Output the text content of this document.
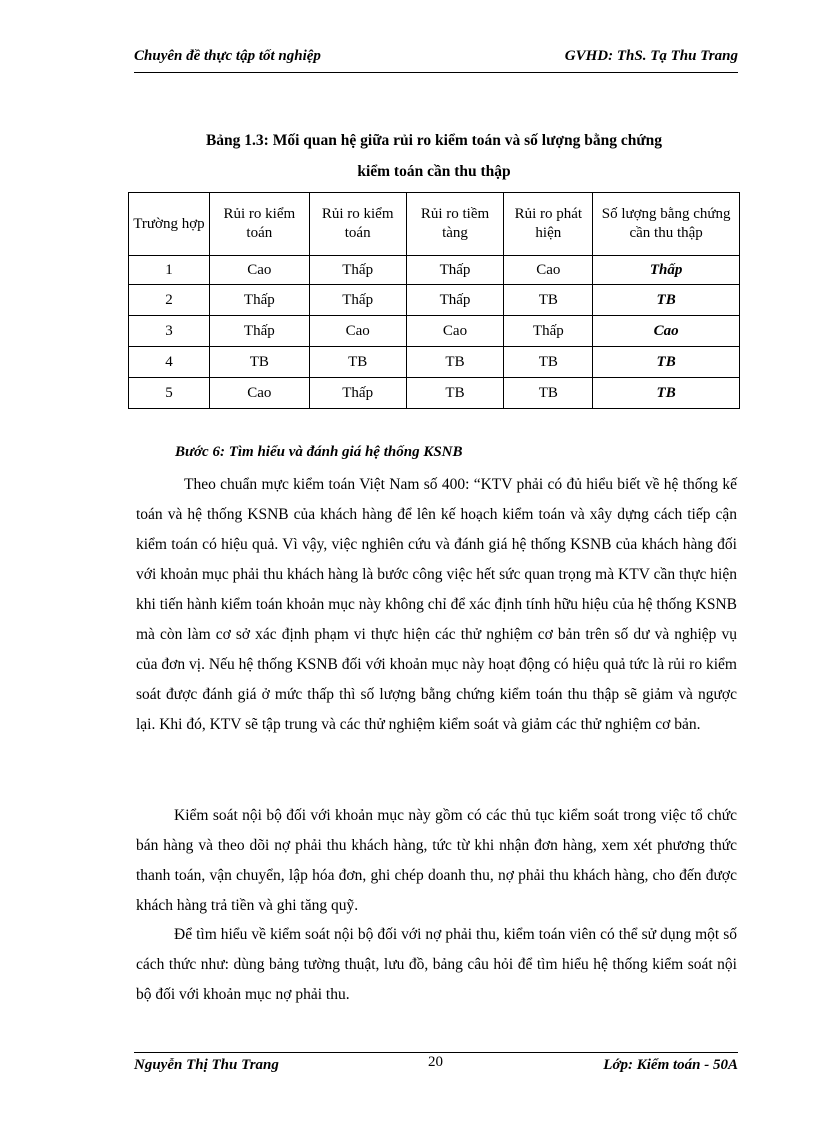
Chuyên đề thực tập tốt nghiệp	GVHD: ThS. Tạ Thu Trang
Bảng 1.3: Mối quan hệ giữa rủi ro kiểm toán và số lượng bằng chứng
kiểm toán cần thu thập
Trường hợp	Rủi ro kiểm toán	Rủi ro kiểm toán	Rủi ro tiềm tàng	Rủi ro phát hiện	Số lượng bằng chứng cần thu thập
1	Cao	Thấp	Thấp	Cao	Thấp
2	Thấp	Thấp	Thấp	TB	TB
3	Thấp	Cao	Cao	Thấp	Cao
4	TB	TB	TB	TB	TB
5	Cao	Thấp	TB	TB	TB
Bước 6: Tìm hiểu và đánh giá hệ thống KSNB

Theo chuẩn mực kiểm toán Việt Nam số 400: “KTV phải có đủ hiểu biết về hệ thống kế toán và hệ thống KSNB của khách hàng để lên kế hoạch kiểm toán và xây dựng cách tiếp cận kiểm toán có hiệu quả. Vì vậy, việc nghiên cứu và đánh giá hệ thống KSNB của khách hàng đối với khoản mục phải thu khách hàng là bước công việc hết sức quan trọng mà KTV cần thực hiện khi tiến hành kiểm toán khoản mục này không chỉ để xác định tính hữu hiệu của hệ thống KSNB mà còn làm cơ sở xác định phạm vi thực hiện các thử nghiệm cơ bản trên số dư và nghiệp vụ của đơn vị. Nếu hệ thống KSNB đối với khoản mục này hoạt động có hiệu quả tức là rủi ro kiểm soát được đánh giá ở mức thấp thì số lượng bằng chứng kiểm toán thu thập sẽ giảm và ngược lại. Khi đó, KTV sẽ tập trung và các thử nghiệm kiểm soát và giảm các thử nghiệm cơ bản.

Kiểm soát nội bộ đối với khoản mục này gồm có các thủ tục kiểm soát trong việc tổ chức bán hàng và theo dõi nợ phải thu khách hàng, tức từ khi nhận đơn hàng, xem xét phương thức thanh toán, vận chuyển, lập hóa đơn, ghi chép doanh thu, nợ phải thu khách hàng, cho đến được khách hàng trả tiền và ghi tăng quỹ.

Để tìm hiểu về kiểm soát nội bộ đối với nợ phải thu, kiểm toán viên có thể sử dụng một số cách thức như: dùng bảng tường thuật, lưu đồ, bảng câu hỏi để tìm hiểu hệ thống kiểm soát nội bộ đối với khoản mục nợ phải thu.

Nguyễn Thị Thu Trang	20	Lớp: Kiểm toán - 50A
